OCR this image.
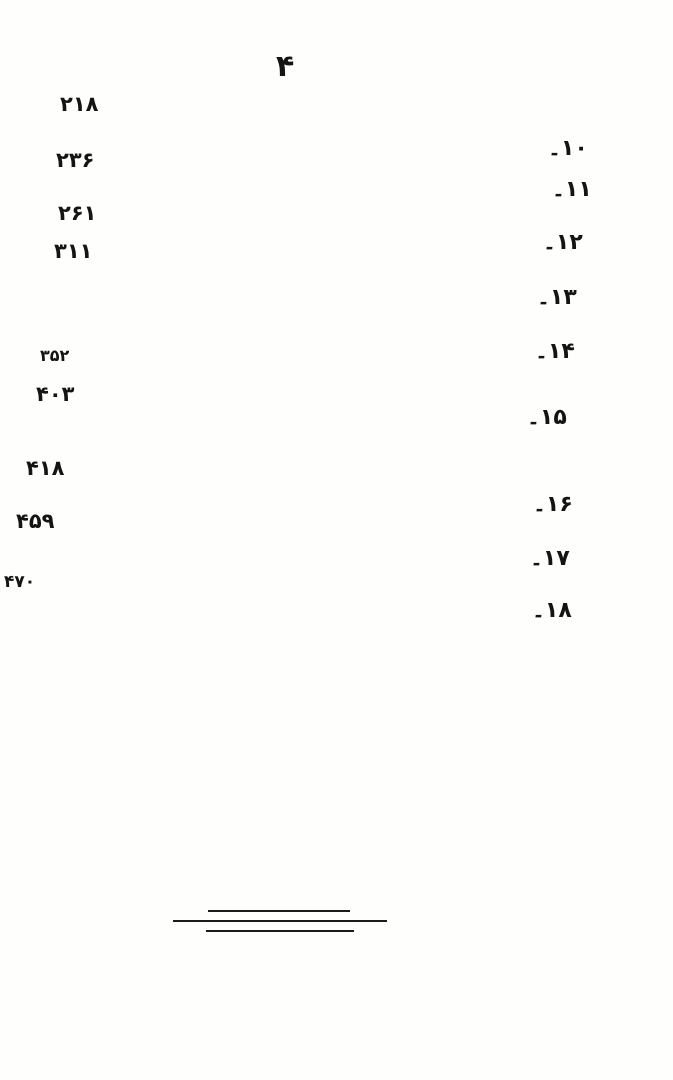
۴
۱۰۔
۲۱۸
۱۱۔
۲۳۶
۱۲۔
۲۶۱
۱۳۔
۳۱۱
۱۴۔
۳۵۲
۱۵۔
۴۰۳
۱۶۔
۴۱۸
۱۷۔
۴۵۹
۱۸۔
۴۷۰
